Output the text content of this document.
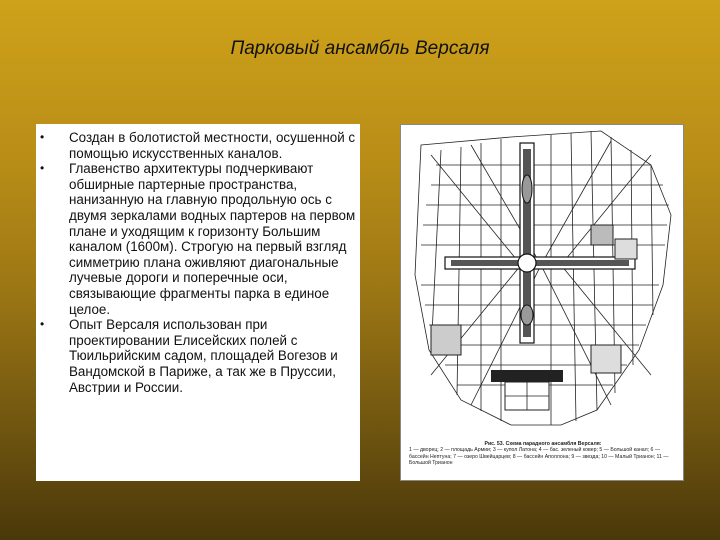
Парковый ансамбль Версаля
• Создан в болотистой местности, осушенной с помощью искусственных каналов.
• Главенство архитектуры подчеркивают обширные партерные пространства, нанизанную на главную продольную ось с двумя зеркалами водных партеров на первом плане и уходящим к горизонту Большим каналом (1600м). Строгую на первый взгляд симметрию плана оживляют диагональные лучевые дороги и поперечные оси, связывающие фрагменты парка в единое целое.
• Опыт Версаля использован при проектировании Елисейских полей с Тюильрийским садом, площадей Вогезов и Вандомской в Париже, а так же в Пруссии, Австрии и России.
Рис. 53. Схема парадного ансамбля Версаля:
1 — дворец; 2 — площадь Армии; 3 — купол Латона; 4 — бас. зеленый ковер; 5 — Большой канал; 6 — бассейн Нептуна; 7 — озеро Швейцарцев; 8 — бассейн Аполлона; 9 — звезда; 10 — Малый Трианон; 11 — Большой Трианон
